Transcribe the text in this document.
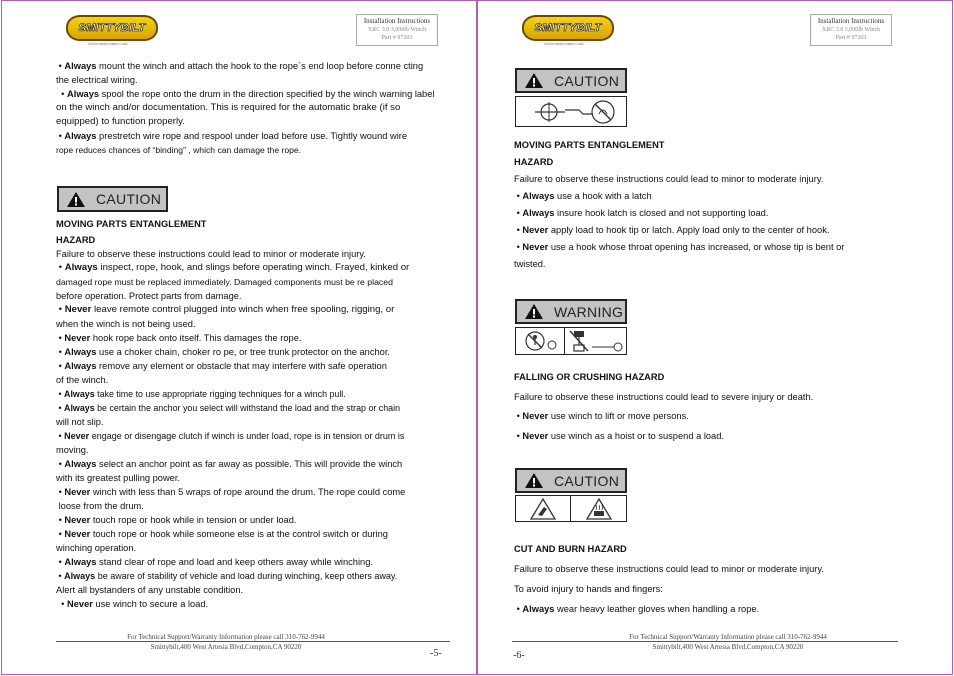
SMITTYBILT
WWW.SMITTYBILT.COM
Installation Instructions
XRC 3.0 3,000lb Winch
Part # 97203
• Always mount the winch and attach the hook to the rope`s end loop before conne cting
the electrical wiring.
• Always spool the rope onto the drum in the direction specified by the winch warning label
on the winch and/or documentation. This is required for the automatic brake (if so
equipped) to function properly.
• Always prestretch wire rope and respool under load before use. Tightly wound wire
rope reduces chances of “binding” , which can damage the rope.
CAUTION
MOVING PARTS ENTANGLEMENT
HAZARD
Failure to observe these instructions could lead to minor or moderate injury.
• Always inspect, rope, hook, and slings before operating winch. Frayed, kinked or
damaged rope must be replaced immediately. Damaged components must be re placed
before operation. Protect parts from damage.
• Never leave remote control plugged into winch when free spooling, rigging, or
when the winch is not being used.
• Never hook rope back onto itself. This damages the rope.
• Always use a choker chain, choker ro pe, or tree trunk protector on the anchor.
• Always remove any element or obstacle that may interfere with safe operation
of the winch.
• Always take time to use appropriate rigging techniques for a winch pull.
• Always be certain the anchor you select will withstand the load and the strap or chain
will not slip.
• Never engage or disengage clutch if winch is under load, rope is in tension or drum is
moving.
• Always select an anchor point as far away as possible. This will provide the winch
with its greatest pulling power.
• Never winch with less than 5 wraps of rope around the drum. The rope could come
loose from the drum.
• Never touch rope or hook while in tension or under load.
• Never touch rope or hook while someone else is at the control switch or during
winching operation.
• Always stand clear of rope and load and keep others away while winching.
• Always be aware of stability of vehicle and load during winching, keep others away.
Alert all bystanders of any unstable condition.
• Never use winch to secure a load.
For Technical Support/Warranty Information please call 310-762-9944
Smittybilt,400 West Artesia Blvd,Compton,CA 90220
-5-
SMITTYBILT
WWW.SMITTYBILT.COM
Installation Instructions
XRC 3.0 3,000lb Winch
Part # 97203
CAUTION
MOVING PARTS ENTANGLEMENT
HAZARD
Failure to observe these instructions could lead to minor to moderate injury.
• Always use a hook with a latch
• Always insure hook latch is closed and not supporting load.
• Never apply load to hook tip or latch. Apply load only to the center of hook.
• Never use a hook whose throat opening has increased, or whose tip is bent or
twisted.
WARNING
FALLING OR CRUSHING HAZARD
Failure to observe these instructions could lead to severe injury or death.
• Never use winch to lift or move persons.
• Never use winch as a hoist or to suspend a load.
CAUTION
CUT AND BURN HAZARD
Failure to observe these instructions could lead to minor or moderate injury.
To avoid injury to hands and fingers:
• Always wear heavy leather gloves when handling a rope.
For Technical Support/Warranty Information please call 310-762-9944
Smittybilt,400 West Artesia Blvd,Compton,CA 90220
-6-
